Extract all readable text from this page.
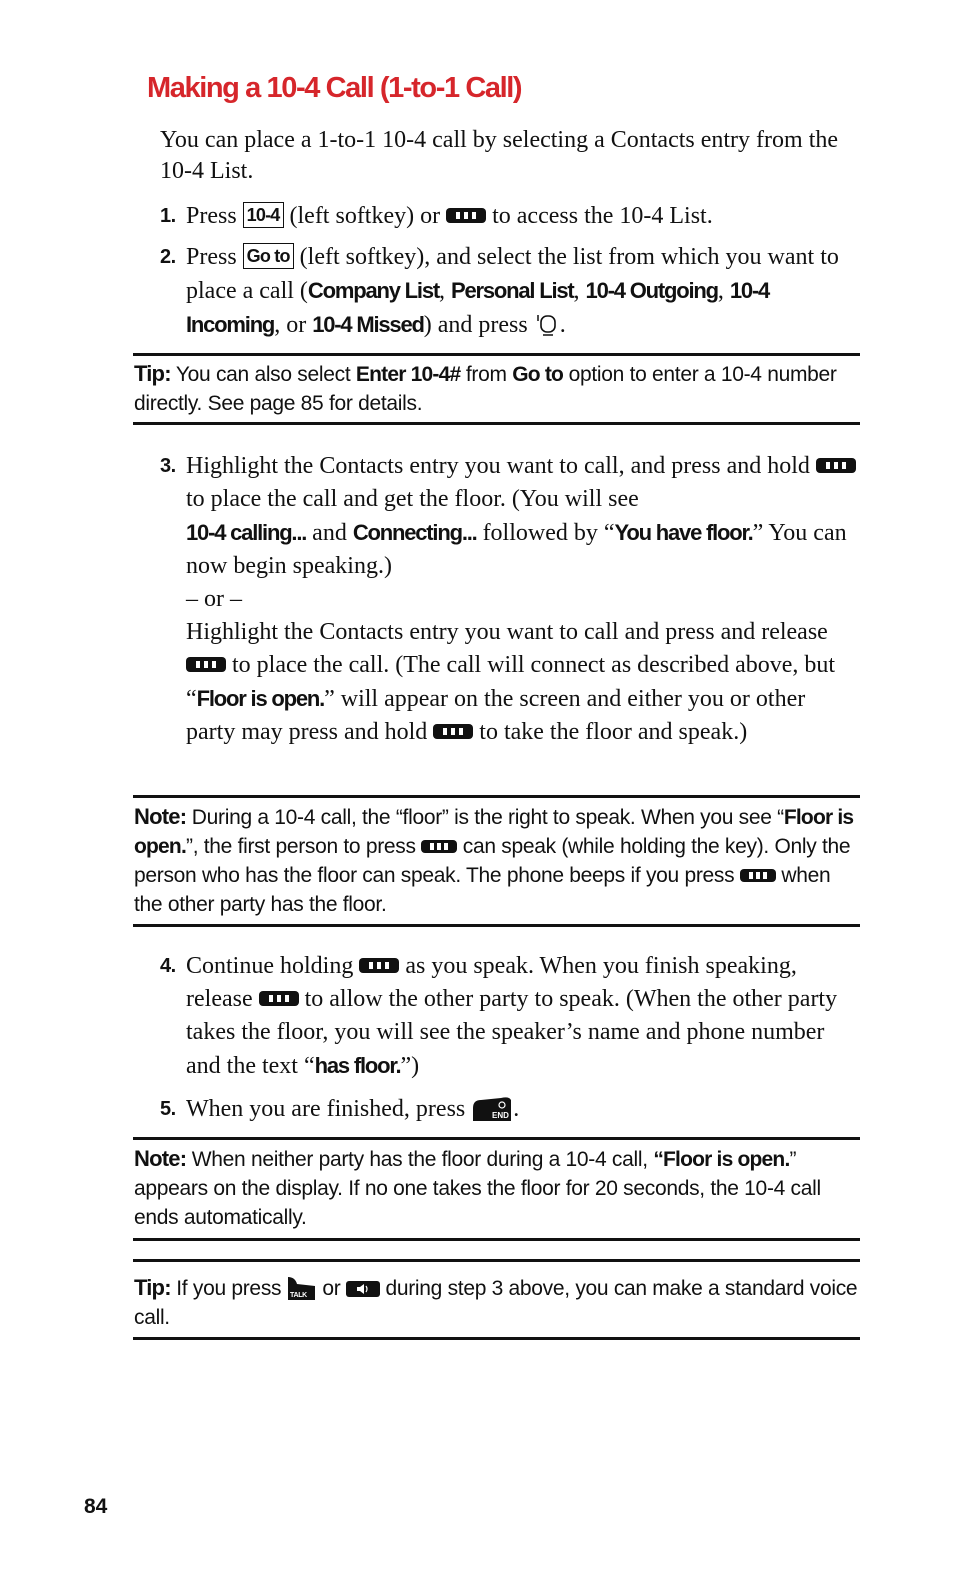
Making a 10-4 Call (1-to-1 Call)
You can place a 1-to-1 10-4 call by selecting a Contacts entry from the 10-4 List.
1. Press 10-4 (left softkey) or to access the 10-4 List.
2. Press Go to (left softkey), and select the list from which you want to place a call (Company List, Personal List, 10-4 Outgoing, 10-4 Incoming, or 10-4 Missed) and press .
Tip: You can also select Enter 10-4# from Go to option to enter a 10-4 number directly. See page 85 for details.
3. Highlight the Contacts entry you want to call, and press and hold
to place the call and get the floor. (You will see
10-4 calling... and Connecting... followed by “You have floor.” You can now begin speaking.)
– or –
Highlight the Contacts entry you want to call and press and release
to place the call. (The call will connect as described above, but “Floor is open.” will appear on the screen and either you or other party may press and hold to take the floor and speak.)
Note: During a 10-4 call, the “floor” is the right to speak. When you see “Floor is open.”, the first person to press can speak (while holding the key). Only the person who has the floor can speak. The phone beeps if you press when the other party has the floor.
4. Continue holding as you speak. When you finish speaking, release to allow the other party to speak. (When the other party takes the floor, you will see the speaker’s name and phone number and the text “has floor.”)
5. When you are finished, press	END .
Note: When neither party has the floor during a 10-4 call, “Floor is open.” appears on the display. If no one takes the floor for 20 seconds, the 10-4 call ends automatically.
Tip: If you press TALK or during step 3 above, you can make a standard voice call.
84
